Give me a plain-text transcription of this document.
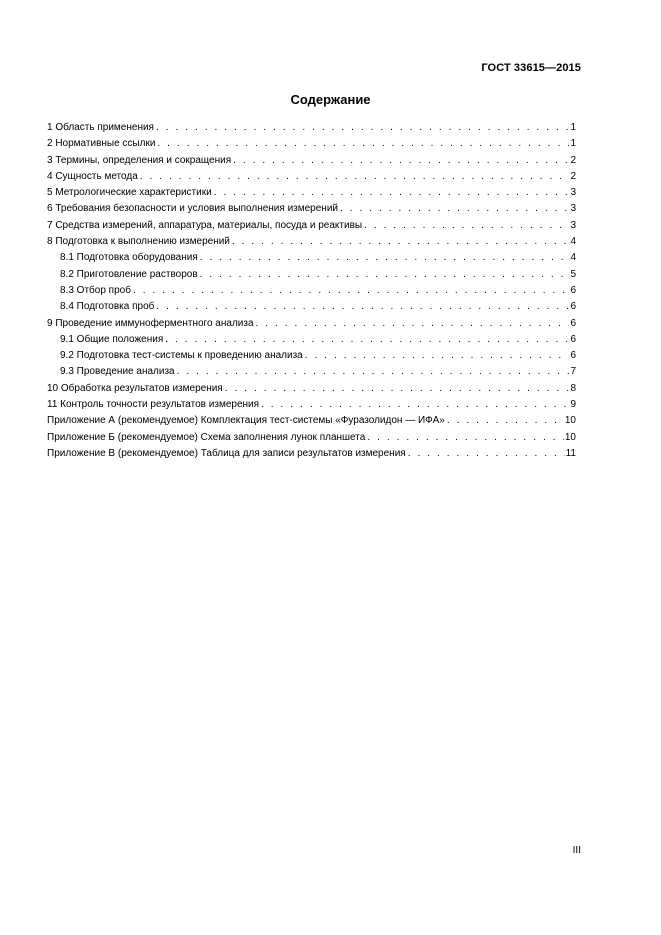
ГОСТ 33615—2015
Содержание
1 Область применения . . .	1
2 Нормативные ссылки . . .	1
3 Термины, определения и сокращения . . .	2
4 Сущность метода . . .	2
5 Метрологические характеристики . . .	3
6 Требования безопасности и условия выполнения измерений . . .	3
7 Средства измерений, аппаратура, материалы, посуда и реактивы . . .	3
8 Подготовка к выполнению измерений . . .	4
8.1 Подготовка оборудования . . .	4
8.2 Приготовление растворов . . .	5
8.3 Отбор проб . . .	6
8.4 Подготовка проб . . .	6
9 Проведение иммуноферментного анализа . . .	6
9.1 Общие положения . . .	6
9.2 Подготовка тест-системы к проведению анализа . . .	6
9.3 Проведение анализа . . .	7
10 Обработка результатов измерения . . .	8
11 Контроль точности результатов измерения . . .	9
Приложение А (рекомендуемое) Комплектация тест-системы «Фуразолидон — ИФА» . . .	10
Приложение Б (рекомендуемое) Схема заполнения лунок планшета . . .	10
Приложение В (рекомендуемое) Таблица для записи результатов измерения . . .	11
III
